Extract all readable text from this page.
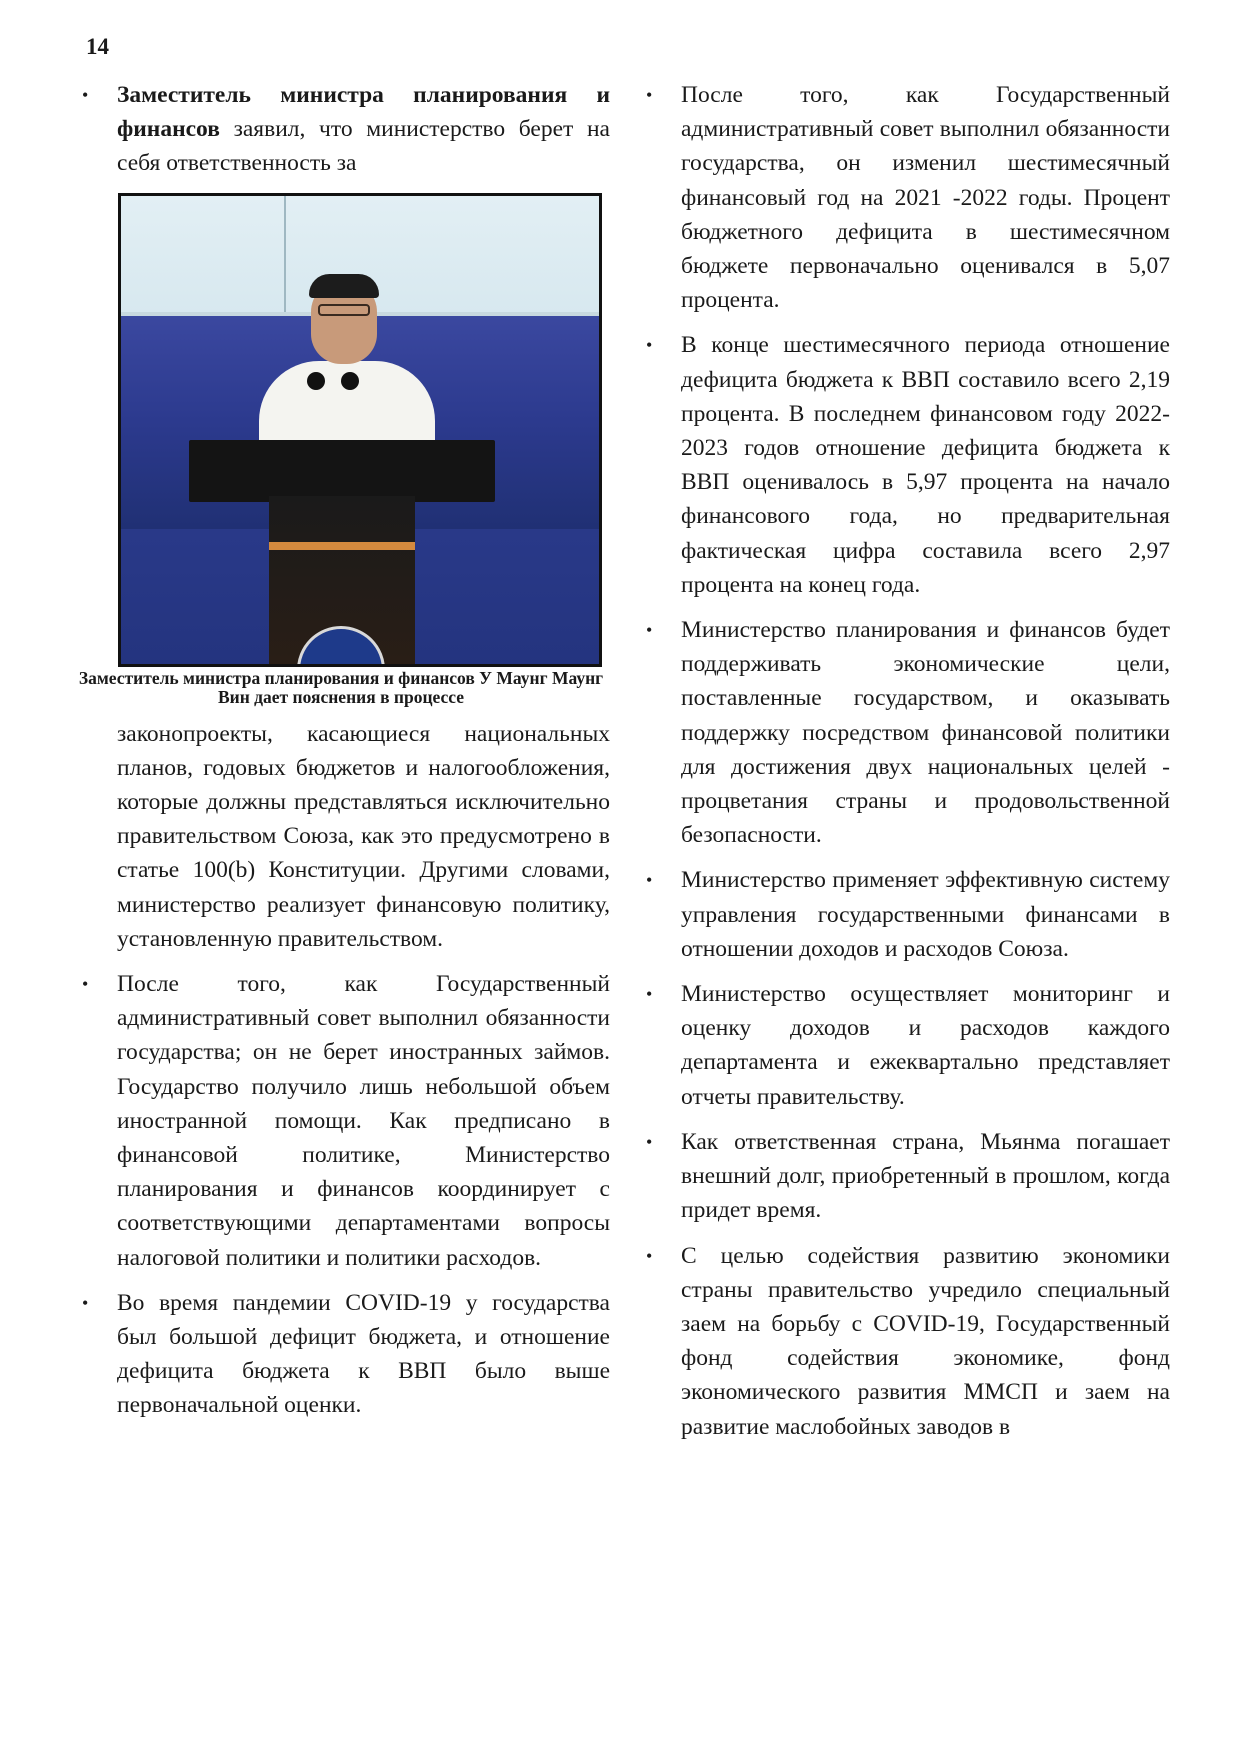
14
• Заместитель министра планирования и финансов заявил, что министерство берет на себя ответственность за
Заместитель министра планирования и финансов У Маунг Маунг Вин дает пояснения в процессе
законопроекты, касающиеся национальных планов, годовых бюджетов и налогообложения, которые должны представляться исключительно правительством Союза, как это предусмотрено в статье 100(b) Конституции. Другими словами, министерство реализует финансовую политику, установленную правительством.
• После того, как Государственный административный совет выполнил обязанности государства; он не берет иностранных займов. Государство получило лишь небольшой объем иностранной помощи. Как предписано в финансовой политике, Министерство планирования и финансов координирует с соответствующими департаментами вопросы налоговой политики и политики расходов.
• Во время пандемии COVID-19 у государства был большой дефицит бюджета, и отношение дефицита бюджета к ВВП было выше первоначальной оценки.
• После того, как Государственный административный совет выполнил обязанности государства, он изменил шестимесячный финансовый год на 2021 -2022 годы. Процент бюджетного дефицита в шестимесячном бюджете первоначально оценивался в 5,07 процента.
• В конце шестимесячного периода отношение дефицита бюджета к ВВП составило всего 2,19 процента. В последнем финансовом году 2022-2023 годов отношение дефицита бюджета к ВВП оценивалось в 5,97 процента на начало финансового года, но предварительная фактическая цифра составила всего 2,97 процента на конец года.
• Министерство планирования и финансов будет поддерживать экономические цели, поставленные государством, и оказывать поддержку посредством финансовой политики для достижения двух национальных целей - процветания страны и продовольственной безопасности.
• Министерство применяет эффективную систему управления государственными финансами в отношении доходов и расходов Союза.
• Министерство осуществляет мониторинг и оценку доходов и расходов каждого департамента и ежеквартально представляет отчеты правительству.
• Как ответственная страна, Мьянма погашает внешний долг, приобретенный в прошлом, когда придет время.
• С целью содействия развитию экономики страны правительство учредило специальный заем на борьбу с COVID-19, Государственный фонд содействия экономике, фонд экономического развития ММСП и заем на развитие маслобойных заводов в
